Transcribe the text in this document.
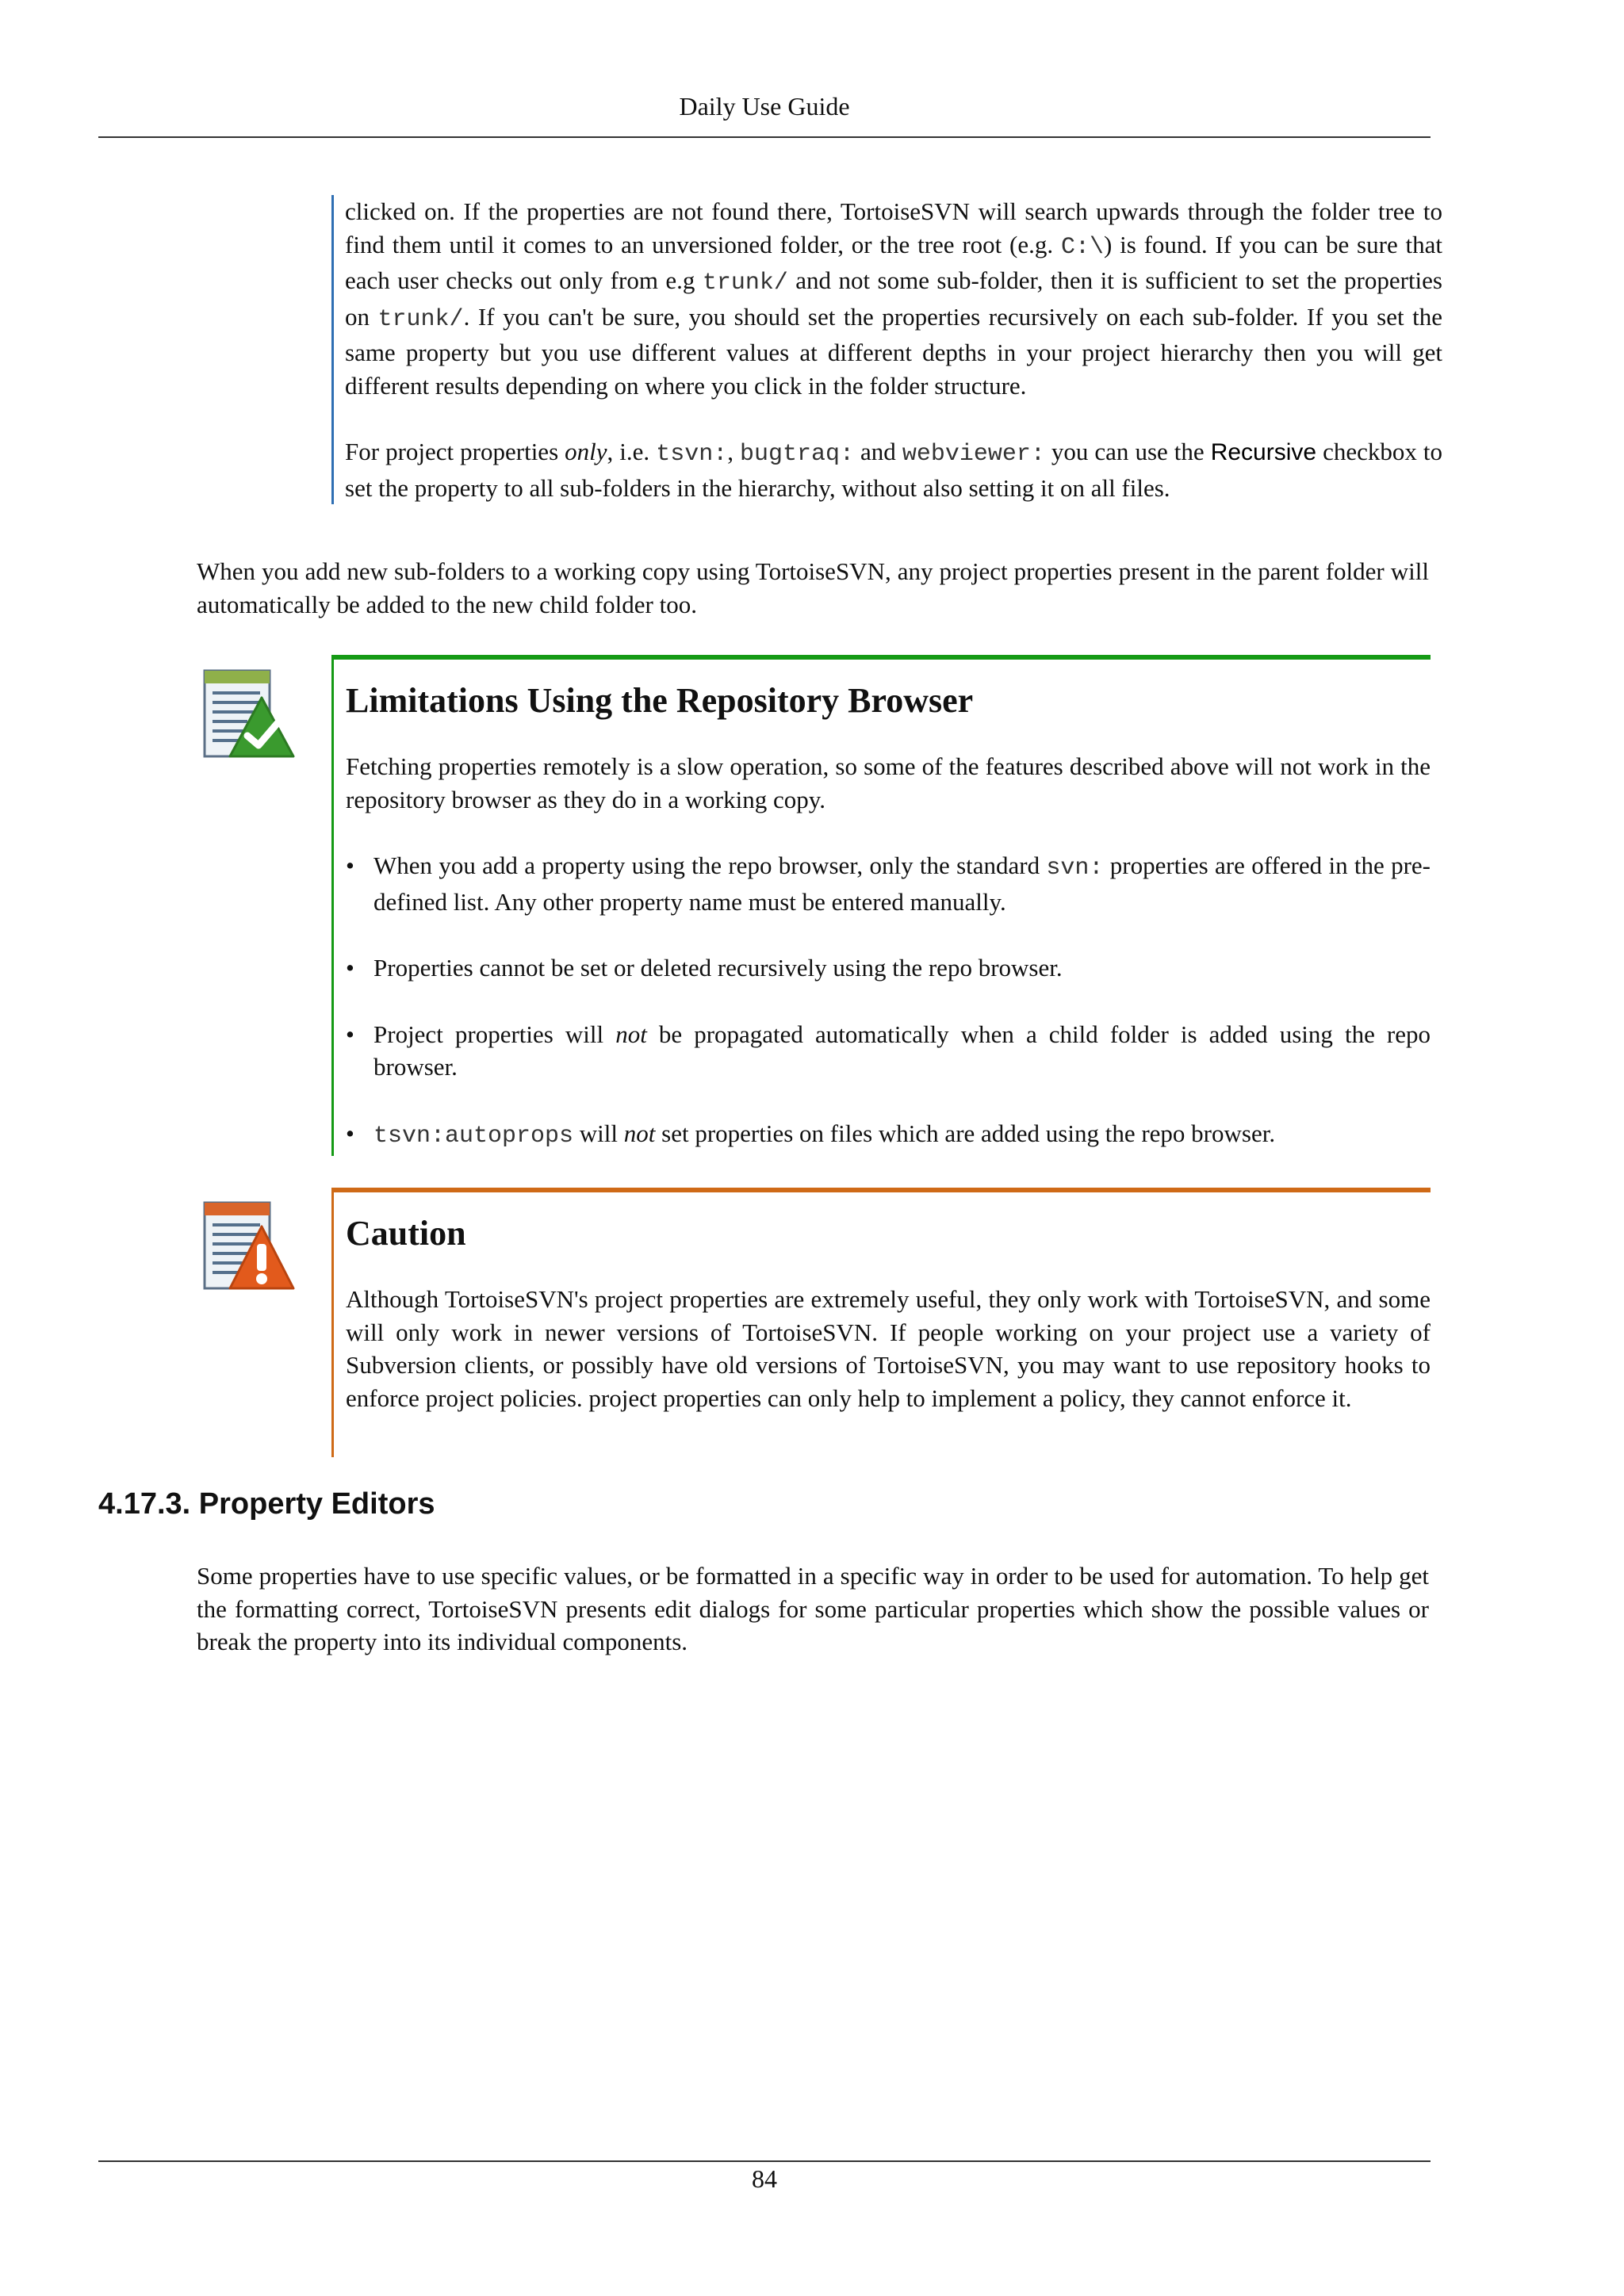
Daily Use Guide

clicked on. If the properties are not found there, TortoiseSVN will search upwards through the folder tree to find them until it comes to an unversioned folder, or the tree root (e.g. C:\) is found. If you can be sure that each user checks out only from e.g trunk/ and not some sub-folder, then it is sufficient to set the properties on trunk/. If you can't be sure, you should set the properties recursively on each sub-folder. If you set the same property but you use different values at different depths in your project hierarchy then you will get different results depending on where you click in the folder structure.

For project properties only, i.e. tsvn:, bugtraq: and webviewer: you can use the Recursive checkbox to set the property to all sub-folders in the hierarchy, without also setting it on all files.

When you add new sub-folders to a working copy using TortoiseSVN, any project properties present in the parent folder will automatically be added to the new child folder too.

Limitations Using the Repository Browser

Fetching properties remotely is a slow operation, so some of the features described above will not work in the repository browser as they do in a working copy.

• When you add a property using the repo browser, only the standard svn: properties are offered in the pre-defined list. Any other property name must be entered manually.
• Properties cannot be set or deleted recursively using the repo browser.
• Project properties will not be propagated automatically when a child folder is added using the repo browser.
• tsvn:autoprops will not set properties on files which are added using the repo browser.
Caution

Although TortoiseSVN's project properties are extremely useful, they only work with TortoiseSVN, and some will only work in newer versions of TortoiseSVN. If people working on your project use a variety of Subversion clients, or possibly have old versions of TortoiseSVN, you may want to use repository hooks to enforce project policies. project properties can only help to implement a policy, they cannot enforce it.

4.17.3. Property Editors

Some properties have to use specific values, or be formatted in a specific way in order to be used for automation. To help get the formatting correct, TortoiseSVN presents edit dialogs for some particular properties which show the possible values or break the property into its individual components.

84
